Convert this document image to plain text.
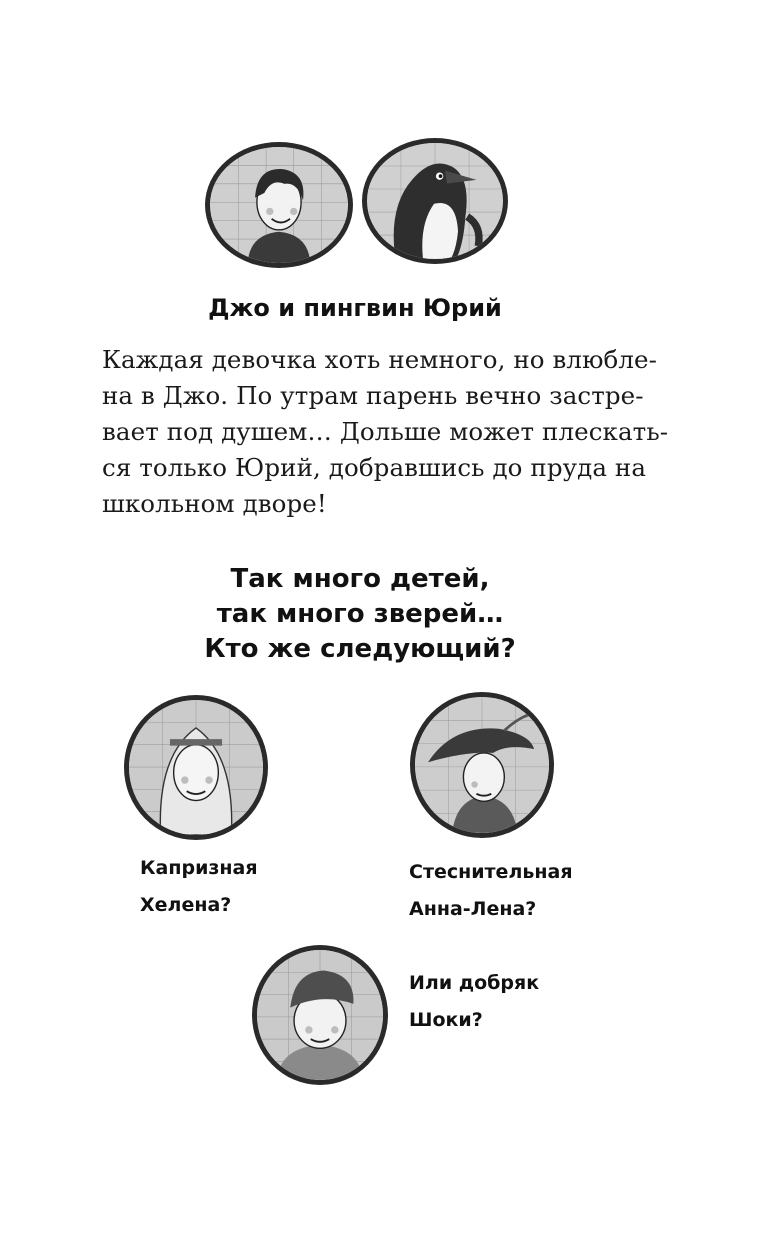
Джо и пингвин Юрий
Каждая девочка хоть немного, но влюбле-
на в Джо. По утрам парень вечно застре-
вает под душем… Дольше может плескать-
ся только Юрий, добравшись до пруда на
школьном дворе!
Так много детей,
так много зверей…
Кто же следующий?
Капризная
Хелена?
Стеснительная
Анна-Лена?
Или добряк
Шоки?
